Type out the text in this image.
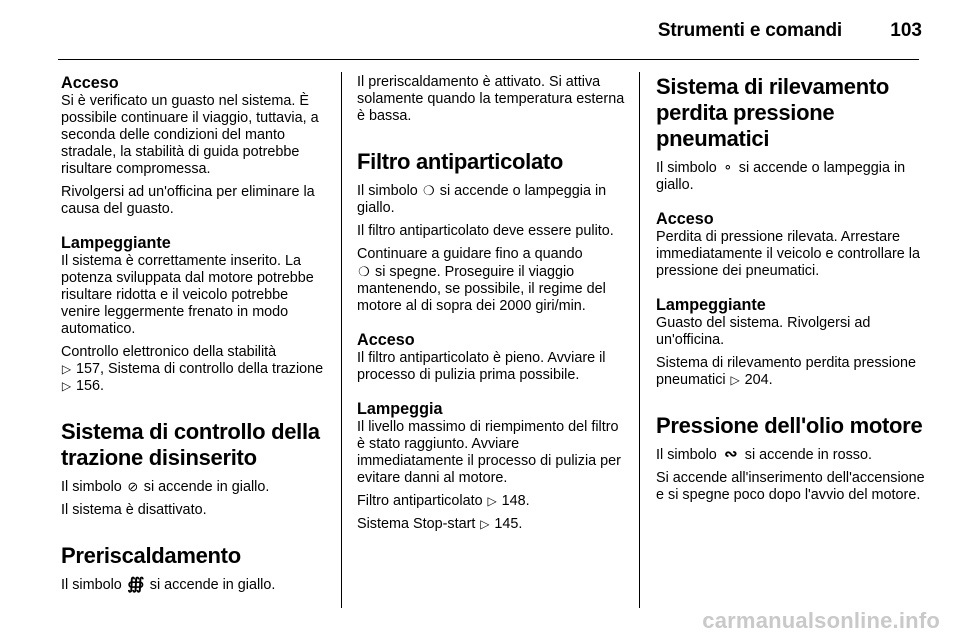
Strumenti e comandi	103
Acceso

Si è verificato un guasto nel sistema. È possibile continuare il viaggio, tuttavia, a seconda delle condizioni del manto stradale, la stabilità di guida potrebbe risultare compromessa.

Rivolgersi ad un'officina per eliminare la causa del guasto.

Lampeggiante

Il sistema è correttamente inserito. La potenza sviluppata dal motore potrebbe risultare ridotta e il veicolo potrebbe venire leggermente frenato in modo automatico.

Controllo elettronico della stabilità
▷ 157, Sistema di controllo della trazione ▷ 156.

Sistema di controllo della trazione disinserito

Il simbolo ⊘ si accende in giallo.

Il sistema è disattivato.

Preriscaldamento

Il simbolo ∰ si accende in giallo.

Il preriscaldamento è attivato. Si attiva solamente quando la temperatura esterna è bassa.

Filtro antiparticolato

Il simbolo ❍ si accende o lampeggia in giallo.

Il filtro antiparticolato deve essere pulito.

Continuare a guidare fino a quando
❍ si spegne. Proseguire il viaggio mantenendo, se possibile, il regime del motore al di sopra dei 2000 giri/min.

Acceso

Il filtro antiparticolato è pieno. Avviare il processo di pulizia prima possibile.

Lampeggia

Il livello massimo di riempimento del filtro è stato raggiunto. Avviare immediatamente il processo di pulizia per evitare danni al motore.

Filtro antiparticolato ▷ 148.

Sistema Stop-start ▷ 145.

Sistema di rilevamento perdita pressione pneumatici

Il simbolo ⚬ si accende o lampeggia in giallo.

Acceso

Perdita di pressione rilevata. Arrestare immediatamente il veicolo e controllare la pressione dei pneumatici.

Lampeggiante

Guasto del sistema. Rivolgersi ad un'officina.

Sistema di rilevamento perdita pressione pneumatici ▷ 204.

Pressione dell'olio motore

Il simbolo ∾ si accende in rosso.

Si accende all'inserimento dell'accensione e si spegne poco dopo l'avvio del motore.

carmanualsonline.info
